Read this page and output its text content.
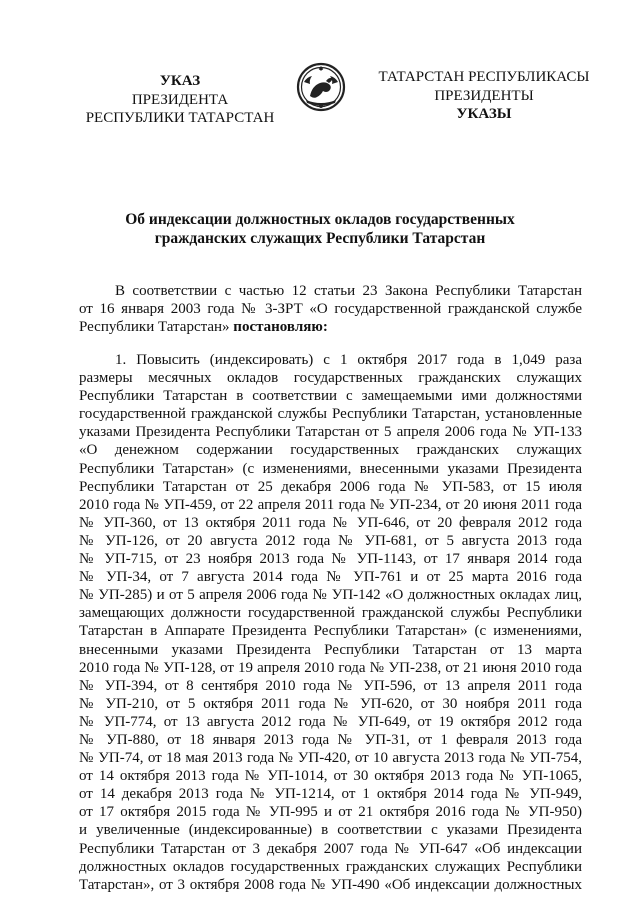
УКАЗ
ПРЕЗИДЕНТА
РЕСПУБЛИКИ ТАТАРСТАН
ТАТАРСТАН РЕСПУБЛИКАСЫ
ПРЕЗИДЕНТЫ
УКАЗЫ
Об индексации должностных окладов государственных
гражданских служащих Республики Татарстан
В соответствии с частью 12 статьи 23 Закона Республики Татарстан
от 16 января 2003 года № 3-ЗРТ «О государственной гражданской службе
Республики Татарстан» постановляю:
1. Повысить (индексировать) с 1 октября 2017 года в 1,049 раза
размеры месячных окладов государственных гражданских служащих
Республики Татарстан в соответствии с замещаемыми ими должностями
государственной гражданской службы Республики Татарстан, установленные
указами Президента Республики Татарстан от 5 апреля 2006 года № УП-133
«О денежном содержании государственных гражданских служащих
Республики Татарстан» (с изменениями, внесенными указами Президента
Республики Татарстан от 25 декабря 2006 года № УП-583, от 15 июля
2010 года № УП-459, от 22 апреля 2011 года № УП-234, от 20 июня 2011 года
№ УП-360, от 13 октября 2011 года № УП-646, от 20 февраля 2012 года
№ УП-126, от 20 августа 2012 года № УП-681, от 5 августа 2013 года
№ УП-715, от 23 ноября 2013 года № УП-1143, от 17 января 2014 года
№ УП-34, от 7 августа 2014 года № УП-761 и от 25 марта 2016 года
№ УП-285) и от 5 апреля 2006 года № УП-142 «О должностных окладах лиц,
замещающих должности государственной гражданской службы Республики
Татарстан в Аппарате Президента Республики Татарстан» (с изменениями,
внесенными указами Президента Республики Татарстан от 13 марта
2010 года № УП-128, от 19 апреля 2010 года № УП-238, от 21 июня 2010 года
№ УП-394, от 8 сентября 2010 года № УП-596, от 13 апреля 2011 года
№ УП-210, от 5 октября 2011 года № УП-620, от 30 ноября 2011 года
№ УП-774, от 13 августа 2012 года № УП-649, от 19 октября 2012 года
№ УП-880, от 18 января 2013 года № УП-31, от 1 февраля 2013 года
№ УП-74, от 18 мая 2013 года № УП-420, от 10 августа 2013 года № УП-754,
от 14 октября 2013 года № УП-1014, от 30 октября 2013 года № УП-1065,
от 14 декабря 2013 года № УП-1214, от 1 октября 2014 года № УП-949,
от 17 октября 2015 года № УП-995 и от 21 октября 2016 года № УП-950)
и увеличенные (индексированные) в соответствии с указами Президента
Республики Татарстан от 3 декабря 2007 года № УП-647 «Об индексации
должностных окладов государственных гражданских служащих Республики
Татарстан», от 3 октября 2008 года № УП-490 «Об индексации должностных
